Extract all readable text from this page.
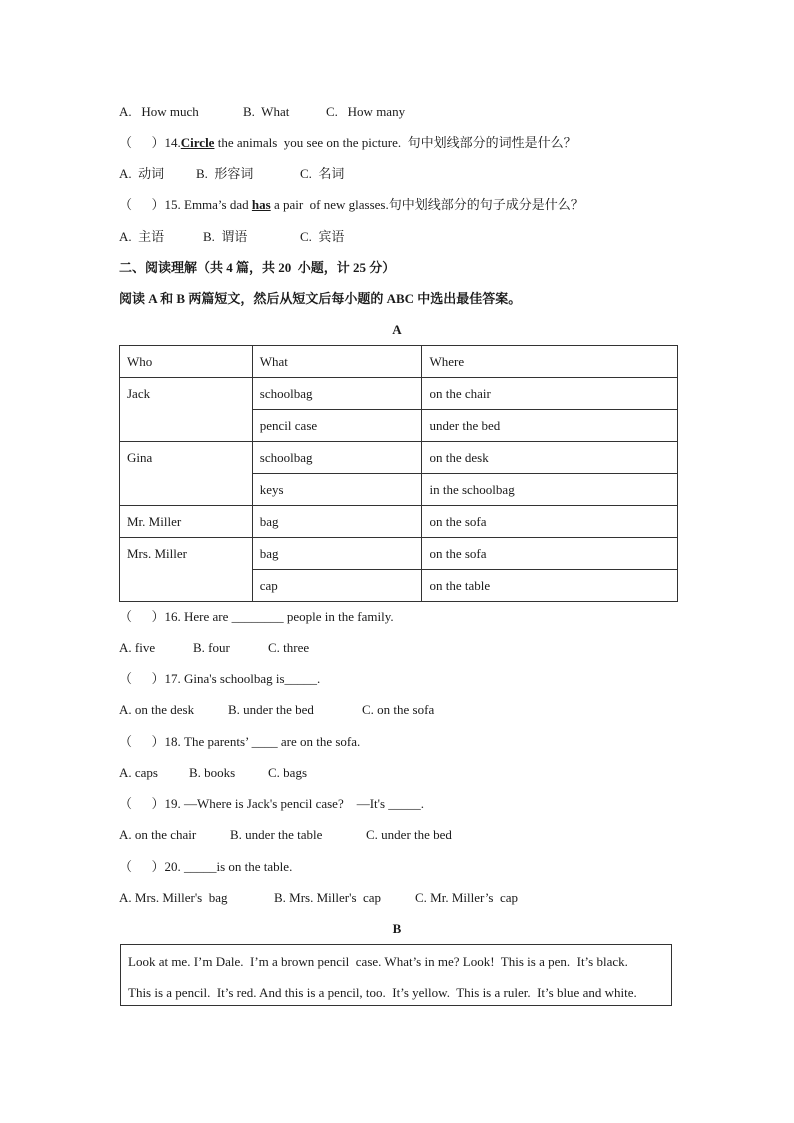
A.   How much	B.  What	C.   How many
（      ）14.Circle the animals  you see on the picture.  句中划线部分的词性是什么？
A.  动词 B.  形容词	C.  名词
（      ）15. Emma’s dad has a pair  of new glasses.句中划线部分的句子成分是什么？
A.  主语	B.  谓语	C.  宾语
二、阅读理解（共 4 篇，共 20  小题，计 25 分）
阅读 A 和 B 两篇短文，然后从短文后每小题的 ABC 中选出最佳答案。
A
Who	What	Where
Jack	schoolbag	on the chair
	pencil case	under the bed
Gina	schoolbag	on the desk
	keys	in the schoolbag
Mr. Miller	bag	on the sofa
Mrs. Miller	bag	on the sofa
	cap	on the table
（      ）16. Here are ________ people in the family.
A. five	B. four	C. three
（      ）17. Gina's schoolbag is_____.
A. on the desk	B. under the bed	C. on the sofa
（      ）18. The parents’ ____ are on the sofa.
A. caps B. books	C. bags
（      ）19. —Where is Jack's pencil case?    —It's _____.
A. on the chair	B. under the table	C. under the bed
（      ）20. _____is on the table.
A. Mrs. Miller's  bag	B. Mrs. Miller's  cap	C. Mr. Miller’s  cap
B
Look at me. I’m Dale.  I’m a brown pencil  case. What’s in me? Look!  This is a pen.  It’s black.
This is a pencil.  It’s red. And this is a pencil, too.  It’s yellow.  This is a ruler.  It’s blue and white.
